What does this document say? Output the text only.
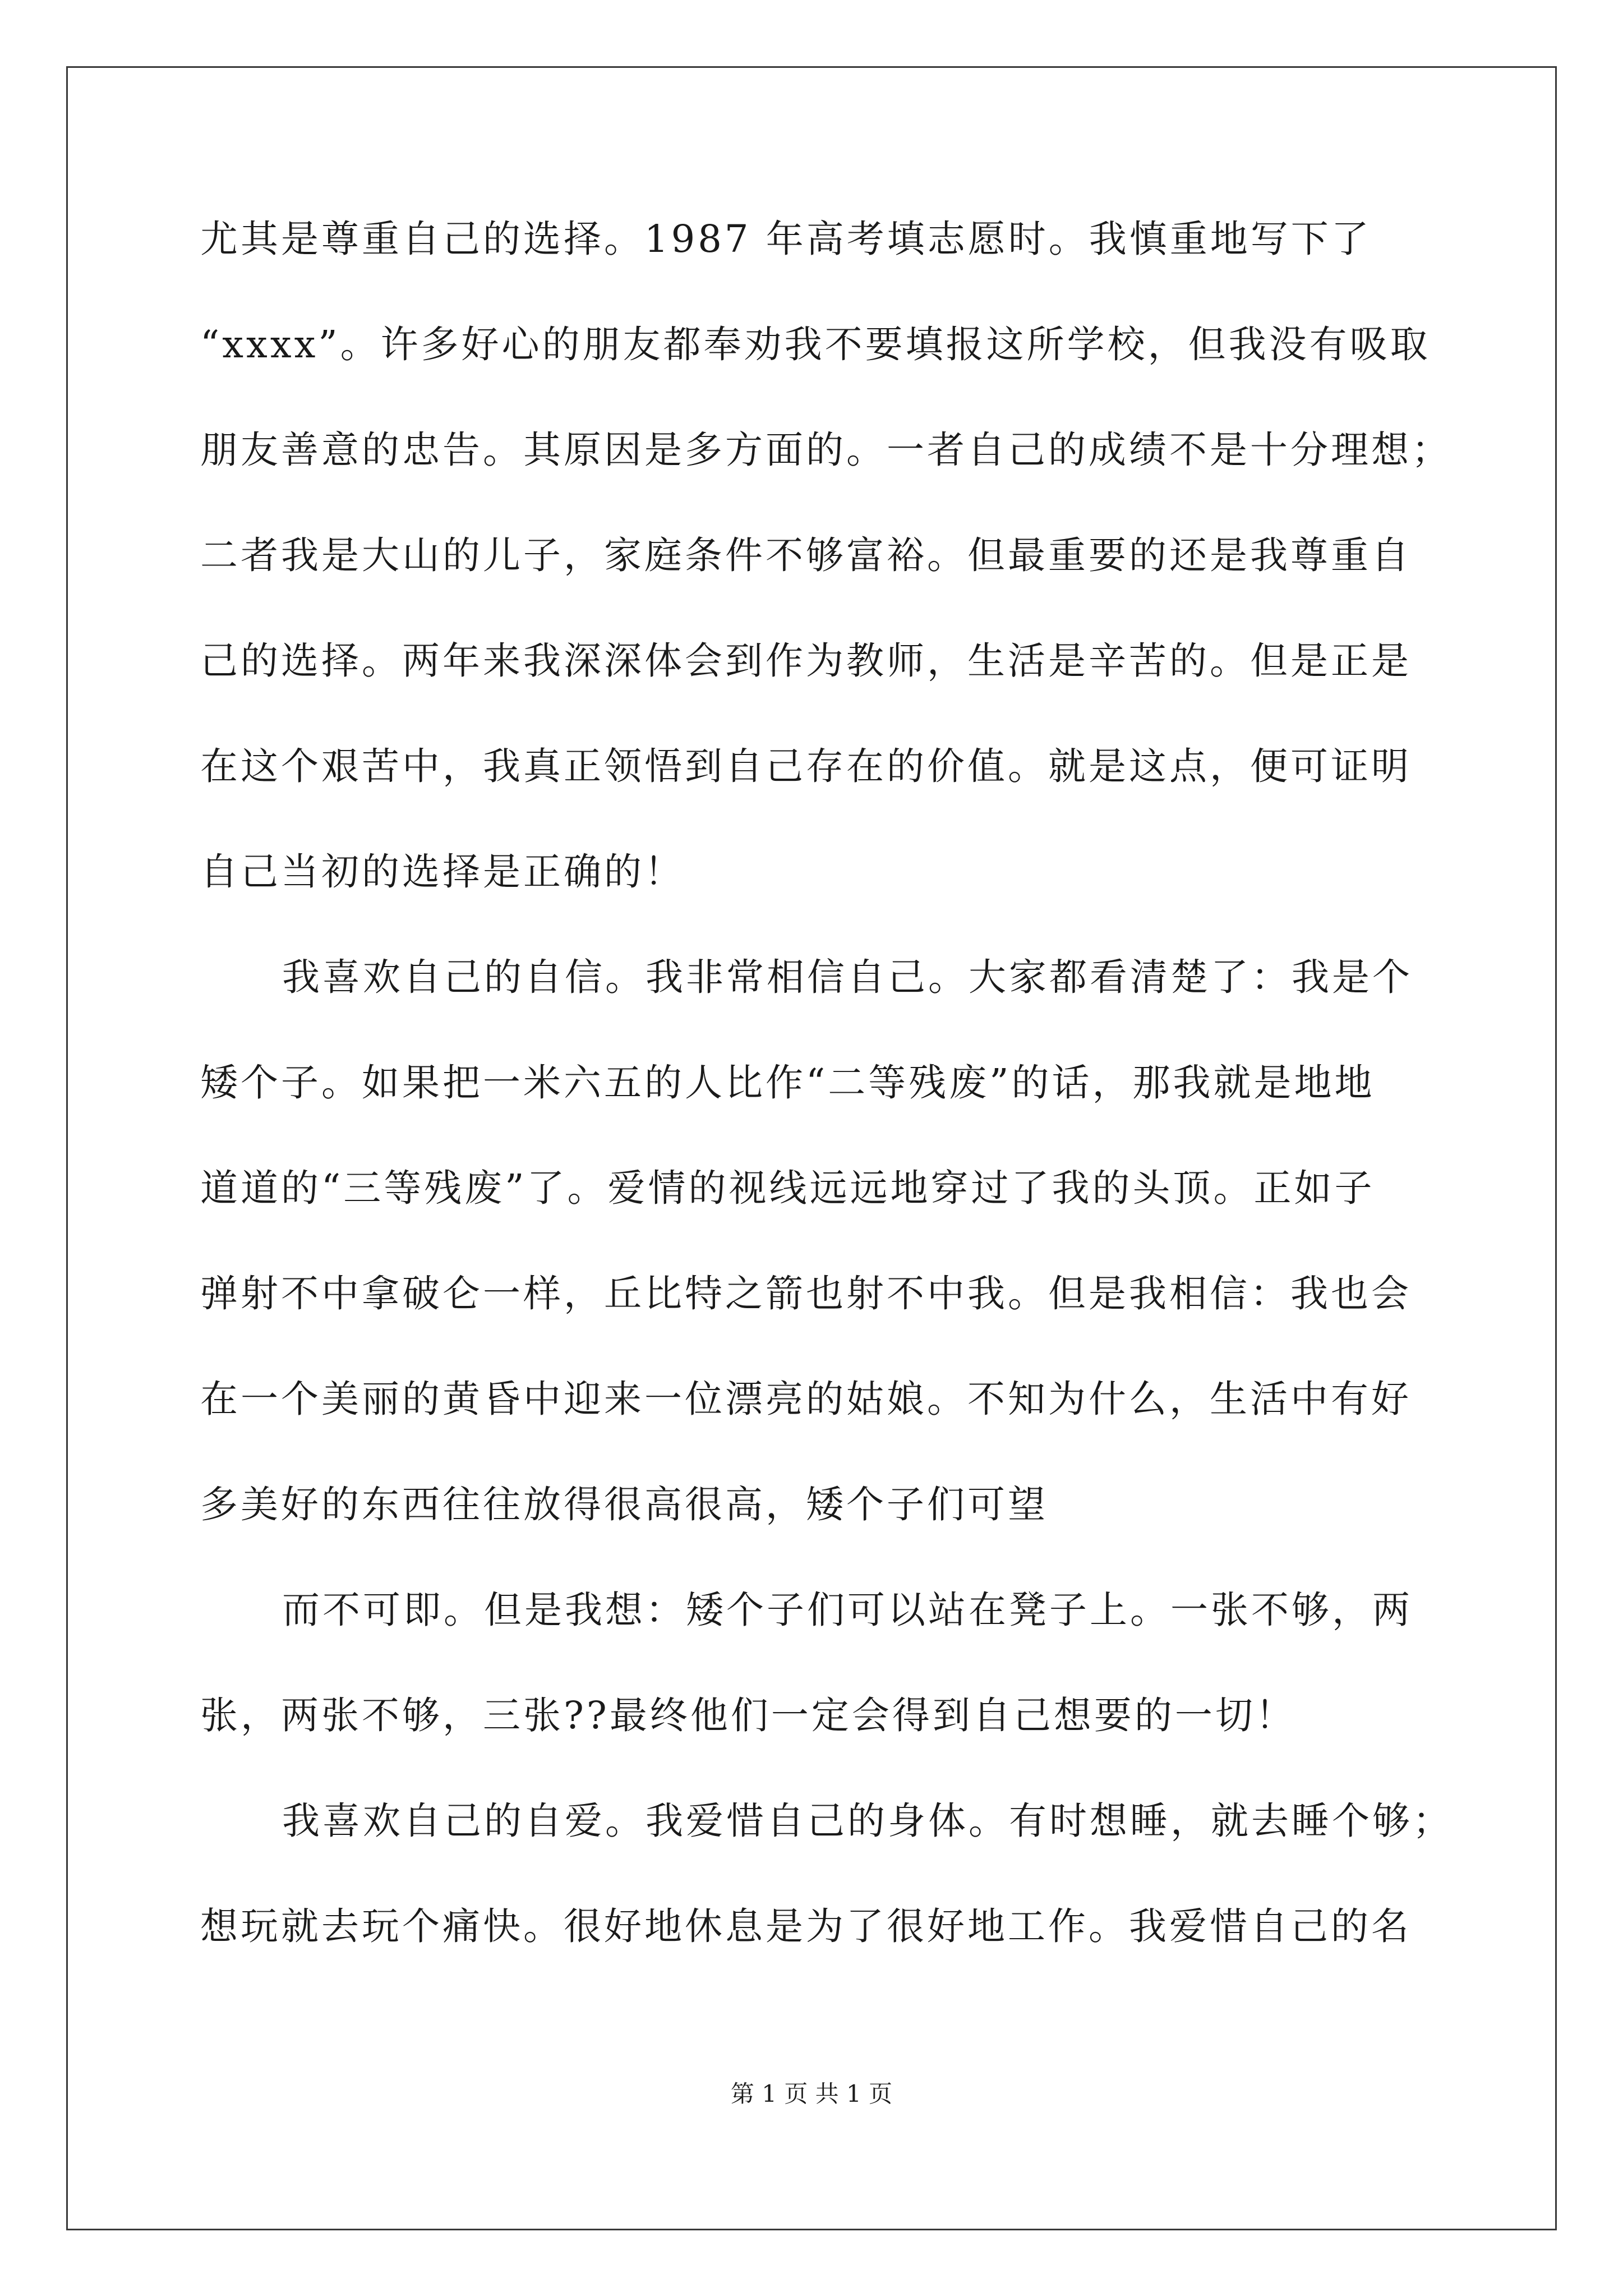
尤其是尊重自己的选择。1987 年高考填志愿时。我慎重地写下了
“xxxx”。许多好心的朋友都奉劝我不要填报这所学校，但我没有吸取
朋友善意的忠告。其原因是多方面的。一者自己的成绩不是十分理想；
二者我是大山的儿子，家庭条件不够富裕。但最重要的还是我尊重自
己的选择。两年来我深深体会到作为教师，生活是辛苦的。但是正是
在这个艰苦中，我真正领悟到自己存在的价值。就是这点，便可证明
自己当初的选择是正确的！
我喜欢自己的自信。我非常相信自己。大家都看清楚了：我是个
矮个子。如果把一米六五的人比作“二等残废”的话，那我就是地地
道道的“三等残废”了。爱情的视线远远地穿过了我的头顶。正如子
弹射不中拿破仑一样，丘比特之箭也射不中我。但是我相信：我也会
在一个美丽的黄昏中迎来一位漂亮的姑娘。不知为什么，生活中有好
多美好的东西往往放得很高很高，矮个子们可望
而不可即。但是我想：矮个子们可以站在凳子上。一张不够，两
张，两张不够，三张??最终他们一定会得到自己想要的一切！
我喜欢自己的自爱。我爱惜自己的身体。有时想睡，就去睡个够；
想玩就去玩个痛快。很好地休息是为了很好地工作。我爱惜自己的名
第 1 页 共 1 页
